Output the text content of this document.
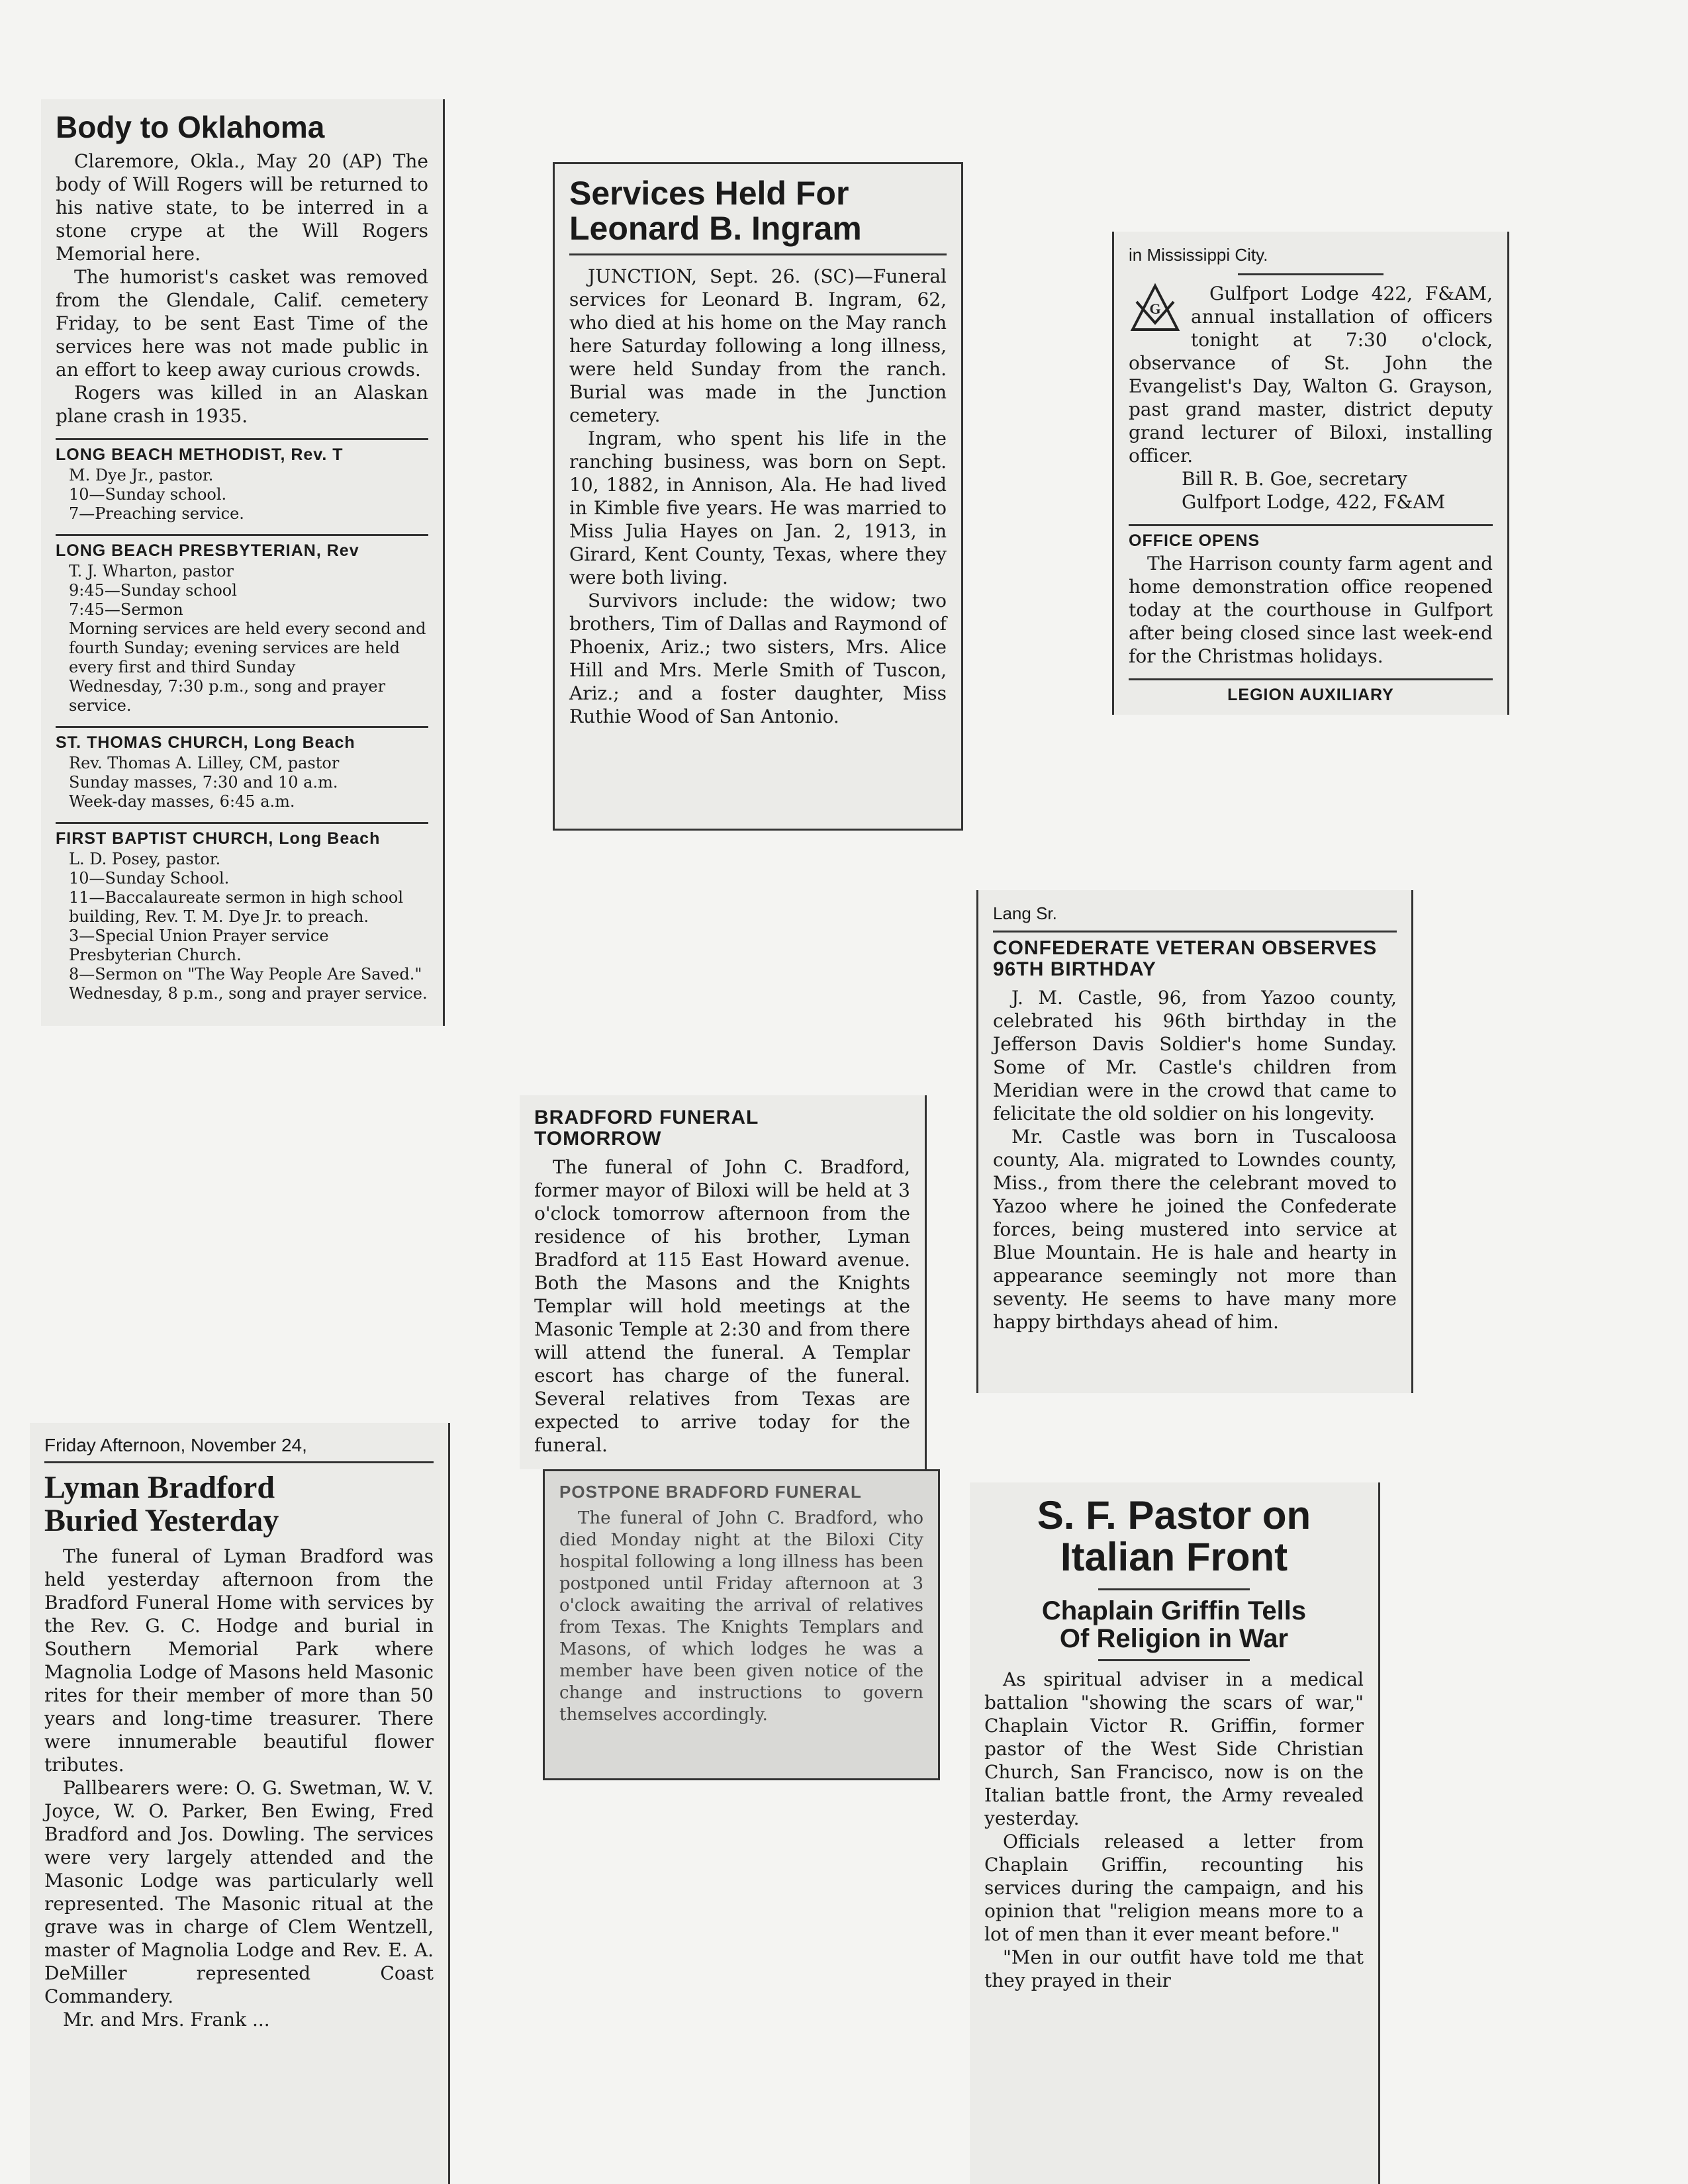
Body to Oklahoma

Claremore, Okla., May 20 (AP) The body of Will Rogers will be returned to his native state, to be interred in a stone crype at the Will Rogers Memorial here.

The humorist's casket was removed from the Glendale, Calif. cemetery Friday, to be sent East Time of the services here was not made public in an effort to keep away curious crowds.

Rogers was killed in an Alaskan plane crash in 1935.

LONG BEACH METHODIST, Rev. T

M. Dye Jr., pastor.

10—Sunday school.

7—Preaching service.

LONG BEACH PRESBYTERIAN, Rev

T. J. Wharton, pastor

9:45—Sunday school

7:45—Sermon

Morning services are held every second and fourth Sunday; evening services are held every first and third Sunday

Wednesday, 7:30 p.m., song and prayer service.

ST. THOMAS CHURCH, Long Beach

Rev. Thomas A. Lilley, CM, pastor

Sunday masses, 7:30 and 10 a.m.

Week-day masses, 6:45 a.m.

FIRST BAPTIST CHURCH, Long Beach

L. D. Posey, pastor.

10—Sunday School.

11—Baccalaureate sermon in high school building, Rev. T. M. Dye Jr. to preach.

3—Special Union Prayer service Presbyterian Church.

8—Sermon on "The Way People Are Saved."

Wednesday, 8 p.m., song and prayer service.

Services Held For
Leonard B. Ingram

JUNCTION, Sept. 26. (SC)—Funeral services for Leonard B. Ingram, 62, who died at his home on the May ranch here Saturday following a long illness, were held Sunday from the ranch. Burial was made in the Junction cemetery.

Ingram, who spent his life in the ranching business, was born on Sept. 10, 1882, in Annison, Ala. He had lived in Kimble five years. He was married to Miss Julia Hayes on Jan. 2, 1913, in Girard, Kent County, Texas, where they were both living.

Survivors include: the widow; two brothers, Tim of Dallas and Raymond of Phoenix, Ariz.; two sisters, Mrs. Alice Hill and Mrs. Merle Smith of Tuscon, Ariz.; and a foster daughter, Miss Ruthie Wood of San Antonio.

in Mississippi City.

G

Gulfport Lodge 422, F&AM, annual installation of officers tonight at 7:30 o'clock, observance of St. John the Evangelist's Day, Walton G. Grayson, past grand master, district deputy grand lecturer of Biloxi, installing officer.

Bill R. B. Goe, secretary

Gulfport Lodge, 422, F&AM

OFFICE OPENS

The Harrison county farm agent and home demonstration office reopened today at the courthouse in Gulfport after being closed since last week-end for the Christmas holidays.

LEGION AUXILIARY

Lang Sr.

CONFEDERATE VETERAN OBSERVES 96TH BIRTHDAY

J. M. Castle, 96, from Yazoo county, celebrated his 96th birthday in the Jefferson Davis Soldier's home Sunday. Some of Mr. Castle's children from Meridian were in the crowd that came to felicitate the old soldier on his longevity.

Mr. Castle was born in Tuscaloosa county, Ala. migrated to Lowndes county, Miss., from there the celebrant moved to Yazoo where he joined the Confederate forces, being mustered into service at Blue Mountain. He is hale and hearty in appearance seemingly not more than seventy. He seems to have many more happy birthdays ahead of him.

BRADFORD FUNERAL TOMORROW

The funeral of John C. Bradford, former mayor of Biloxi will be held at 3 o'clock tomorrow afternoon from the residence of his brother, Lyman Bradford at 115 East Howard avenue. Both the Masons and the Knights Templar will hold meetings at the Masonic Temple at 2:30 and from there will attend the funeral. A Templar escort has charge of the funeral. Several relatives from Texas are expected to arrive today for the funeral.

Friday Afternoon, November 24,
Lyman Bradford
Buried Yesterday

The funeral of Lyman Bradford was held yesterday afternoon from the Bradford Funeral Home with services by the Rev. G. C. Hodge and burial in Southern Memorial Park where Magnolia Lodge of Masons held Masonic rites for their member of more than 50 years and long-time treasurer. There were innumerable beautiful flower tributes.

Pallbearers were: O. G. Swetman, W. V. Joyce, W. O. Parker, Ben Ewing, Fred Bradford and Jos. Dowling. The services were very largely attended and the Masonic Lodge was particularly well represented. The Masonic ritual at the grave was in charge of Clem Wentzell, master of Magnolia Lodge and Rev. E. A. DeMiller represented Coast Commandery.

Mr. and Mrs. Frank ...

POSTPONE BRADFORD FUNERAL

The funeral of John C. Bradford, who died Monday night at the Biloxi City hospital following a long illness has been postponed until Friday afternoon at 3 o'clock awaiting the arrival of relatives from Texas. The Knights Templars and Masons, of which lodges he was a member have been given notice of the change and instructions to govern themselves accordingly.

S. F. Pastor on
Italian Front
Chaplain Griffin Tells
Of Religion in War

As spiritual adviser in a medical battalion "showing the scars of war," Chaplain Victor R. Griffin, former pastor of the West Side Christian Church, San Francisco, now is on the Italian battle front, the Army revealed yesterday.

Officials released a letter from Chaplain Griffin, recounting his services during the campaign, and his opinion that "religion means more to a lot of men than it ever meant before."

"Men in our outfit have told me that they prayed in their
